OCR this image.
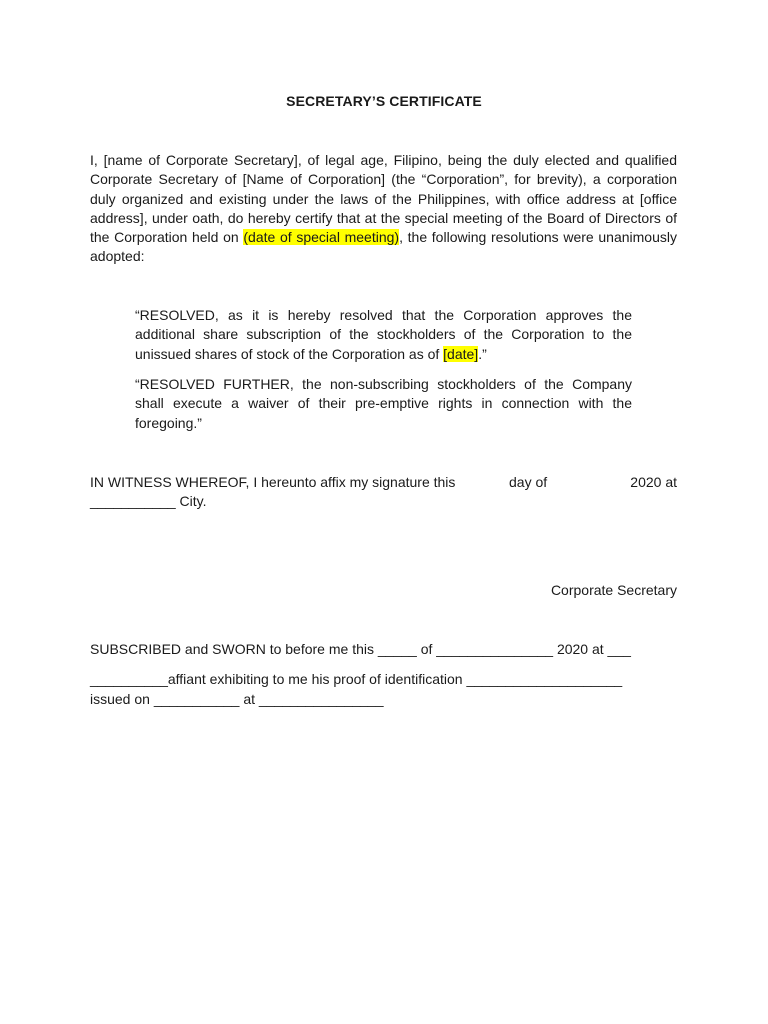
SECRETARY’S CERTIFICATE
I, [name of Corporate Secretary], of legal age, Filipino, being the duly elected and qualified Corporate Secretary of [Name of Corporation] (the “Corporation”, for brevity), a corporation duly organized and existing under the laws of the Philippines, with office address at [office address], under oath, do hereby certify that at the special meeting of the Board of Directors of the Corporation held on (date of special meeting), the following resolutions were unanimously adopted:
“RESOLVED, as it is hereby resolved that the Corporation approves the additional share subscription of the stockholders of the Corporation to the unissued shares of stock of the Corporation as of [date].”
“RESOLVED FURTHER, the non-subscribing stockholders of the Company shall execute a waiver of their pre-emptive rights in connection with the foregoing.”

IN WITNESS WHEREOF, I hereunto affix my signature this

	day of

	2020 at

___________ City.
Corporate Secretary
SUBSCRIBED and SWORN to before me this _____ of _______________ 2020 at ___
__________affiant exhibiting to me his proof of identification ____________________
issued on ___________ at ________________
